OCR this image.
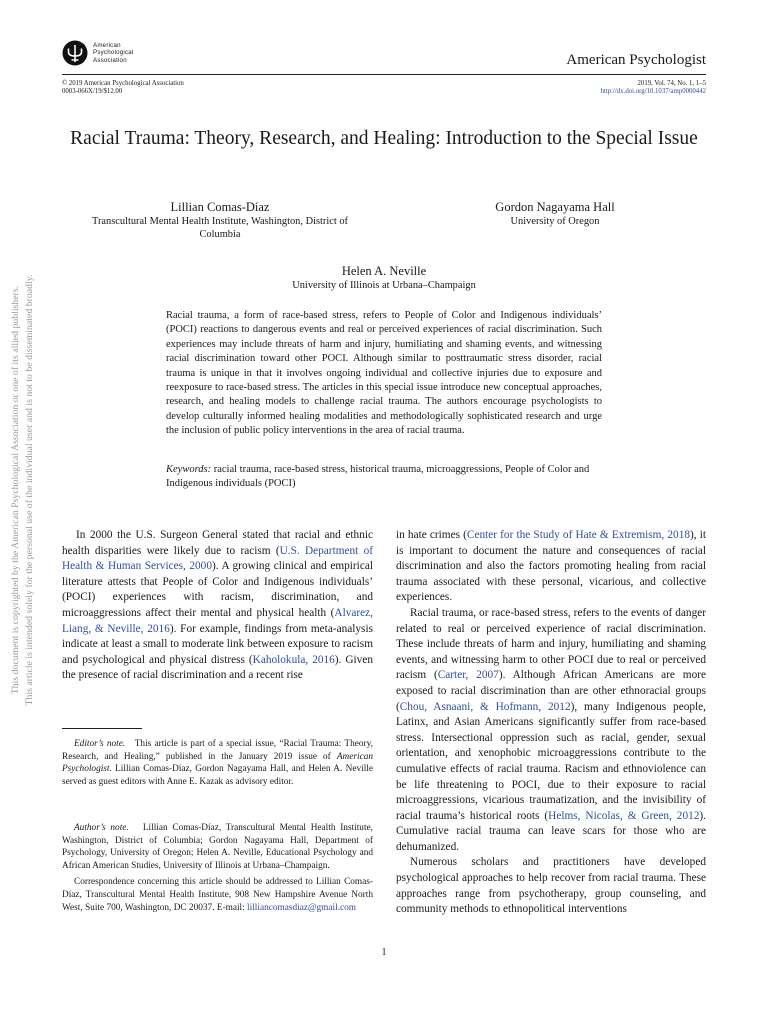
American
Psychological
Association	American Psychologist
© 2019 American Psychological Association
0003-066X/19/$12.00
2019, Vol. 74, No. 1, 1–5
http://dx.doi.org/10.1037/amp0000442
Racial Trauma: Theory, Research, and Healing: Introduction to the Special Issue
Lillian Comas-Díaz
Transcultural Mental Health Institute, Washington, District of Columbia
Gordon Nagayama Hall
University of Oregon
Helen A. Neville
University of Illinois at Urbana–Champaign
Racial trauma, a form of race-based stress, refers to People of Color and Indigenous individuals’ (POCI) reactions to dangerous events and real or perceived experiences of racial discrimination. Such experiences may include threats of harm and injury, humiliating and shaming events, and witnessing racial discrimination toward other POCI. Although similar to posttraumatic stress disorder, racial trauma is unique in that it involves ongoing individual and collective injuries due to exposure and reexposure to race-based stress. The articles in this special issue introduce new conceptual approaches, research, and healing models to challenge racial trauma. The authors encourage psychologists to develop culturally informed healing modalities and methodologically sophisticated research and urge the inclusion of public policy interventions in the area of racial trauma.
Keywords: racial trauma, race-based stress, historical trauma, microaggressions, People of Color and Indigenous individuals (POCI)

In 2000 the U.S. Surgeon General stated that racial and ethnic health disparities were likely due to racism (U.S. Department of Health & Human Services, 2000). A growing clinical and empirical literature attests that People of Color and Indigenous individuals’ (POCI) experiences with racism, discrimination, and microaggressions affect their mental and physical health (Alvarez, Liang, & Neville, 2016). For example, findings from meta-analysis indicate at least a small to moderate link between exposure to racism and psychological and physical distress (Kaholokula, 2016). Given the presence of racial discrimination and a recent rise

Editor’s note. This article is part of a special issue, “Racial Trauma: Theory, Research, and Healing,” published in the January 2019 issue of American Psychologist. Lillian Comas-Díaz, Gordon Nagayama Hall, and Helen A. Neville served as guest editors with Anne E. Kazak as advisory editor.

Author’s note. Lillian Comas-Díaz, Transcultural Mental Health Institute, Washington, District of Columbia; Gordon Nagayama Hall, Department of Psychology, University of Oregon; Helen A. Neville, Educational Psychology and African American Studies, University of Illinois at Urbana–Champaign.

Correspondence concerning this article should be addressed to Lillian Comas-Díaz, Transcultural Mental Health Institute, 908 New Hampshire Avenue North West, Suite 700, Washington, DC 20037. E-mail: lilliancomasdiaz@gmail.com

in hate crimes (Center for the Study of Hate & Extremism, 2018), it is important to document the nature and consequences of racial discrimination and also the factors promoting healing from racial trauma associated with these personal, vicarious, and collective experiences.

Racial trauma, or race-based stress, refers to the events of danger related to real or perceived experience of racial discrimination. These include threats of harm and injury, humiliating and shaming events, and witnessing harm to other POCI due to real or perceived racism (Carter, 2007). Although African Americans are more exposed to racial discrimination than are other ethnoracial groups (Chou, Asnaani, & Hofmann, 2012), many Indigenous people, Latinx, and Asian Americans significantly suffer from race-based stress. Intersectional oppression such as racial, gender, sexual orientation, and xenophobic microaggressions contribute to the cumulative effects of racial trauma. Racism and ethnoviolence can be life threatening to POCI, due to their exposure to racial microaggressions, vicarious traumatization, and the invisibility of racial trauma’s historical roots (Helms, Nicolas, & Green, 2012). Cumulative racial trauma can leave scars for those who are dehumanized.

Numerous scholars and practitioners have developed psychological approaches to help recover from racial trauma. These approaches range from psychotherapy, group counseling, and community methods to ethnopolitical interventions

1
This document is copyrighted by the American Psychological Association or one of its allied publishers. This article is intended solely for the personal use of the individual user and is not to be disseminated broadly.
